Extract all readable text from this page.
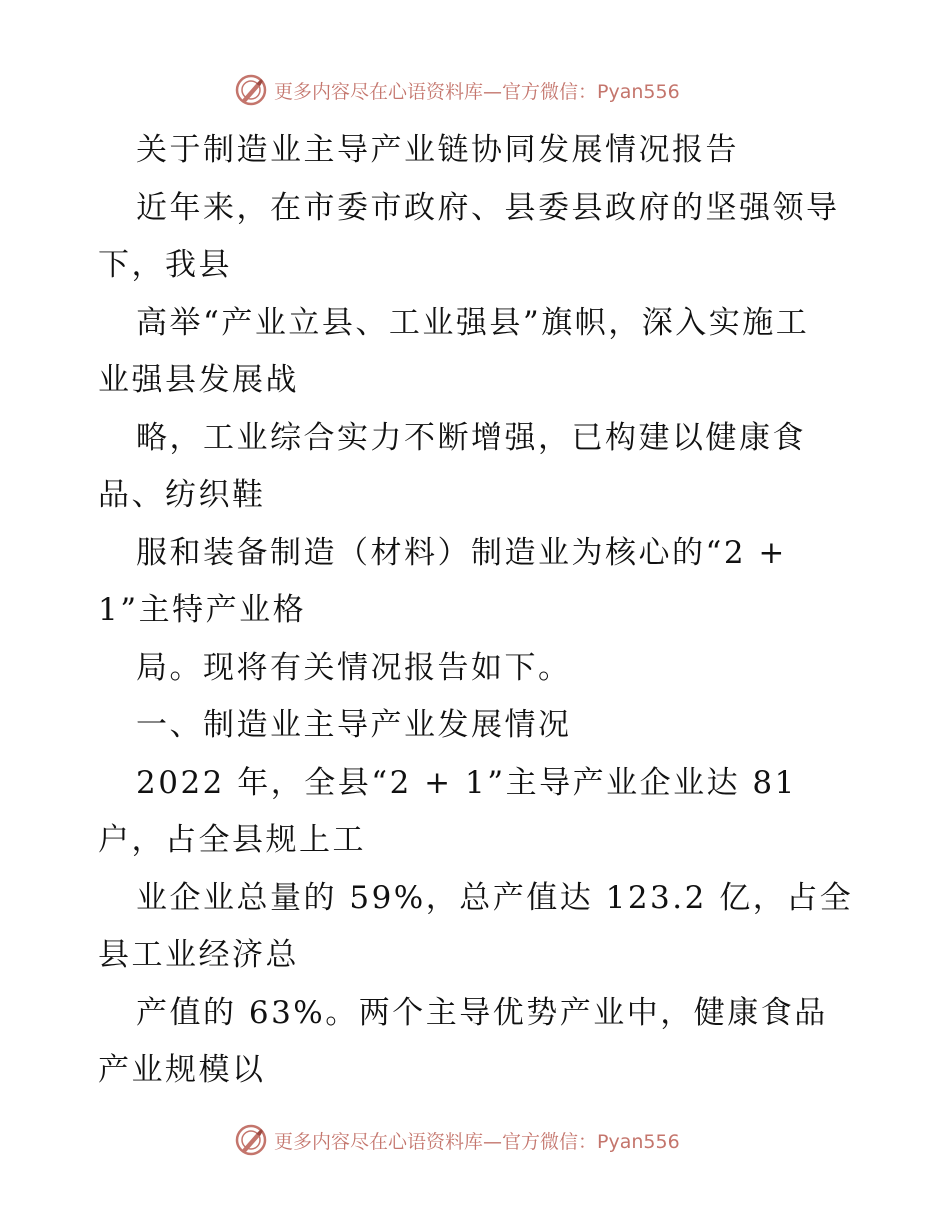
更多内容尽在心语资料库—官方微信：Pyan556
关于制造业主导产业链协同发展情况报告
近年来，在市委市政府、县委县政府的坚强领导
下，我县
高举“产业立县、工业强县”旗帜，深入实施工
业强县发展战
略，工业综合实力不断增强，已构建以健康食
品、纺织鞋
服和装备制造（材料）制造业为核心的“2 +
1”主特产业格
局。现将有关情况报告如下。
一、制造业主导产业发展情况
2022 年，全县“2 + 1”主导产业企业达 81
户，占全县规上工
业企业总量的 59%，总产值达 123.2 亿，占全
县工业经济总
产值的 63%。两个主导优势产业中，健康食品
产业规模以
更多内容尽在心语资料库—官方微信：Pyan556
